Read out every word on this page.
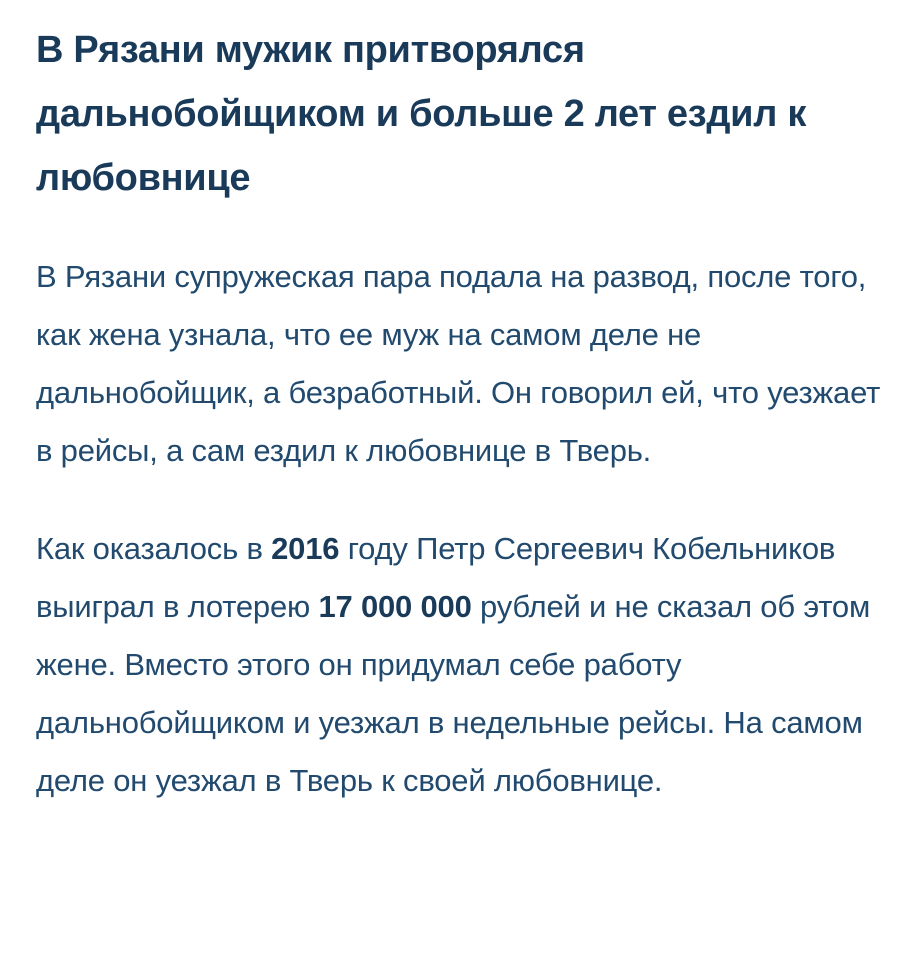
В Рязани мужик притворялся дальнобойщиком и больше 2 лет ездил к любовнице

В Рязани супружеская пара подала на развод, после того, как жена узнала, что ее муж на самом деле не дальнобойщик, а безработный. Он говорил ей, что уезжает в рейсы, а сам ездил к любовнице в Тверь.

Как оказалось в 2016 году Петр Сергеевич Кобельников выиграл в лотерею 17 000 000 рублей и не сказал об этом жене. Вместо этого он придумал себе работу дальнобойщиком и уезжал в недельные рейсы. На самом деле он уезжал в Тверь к своей любовнице.
